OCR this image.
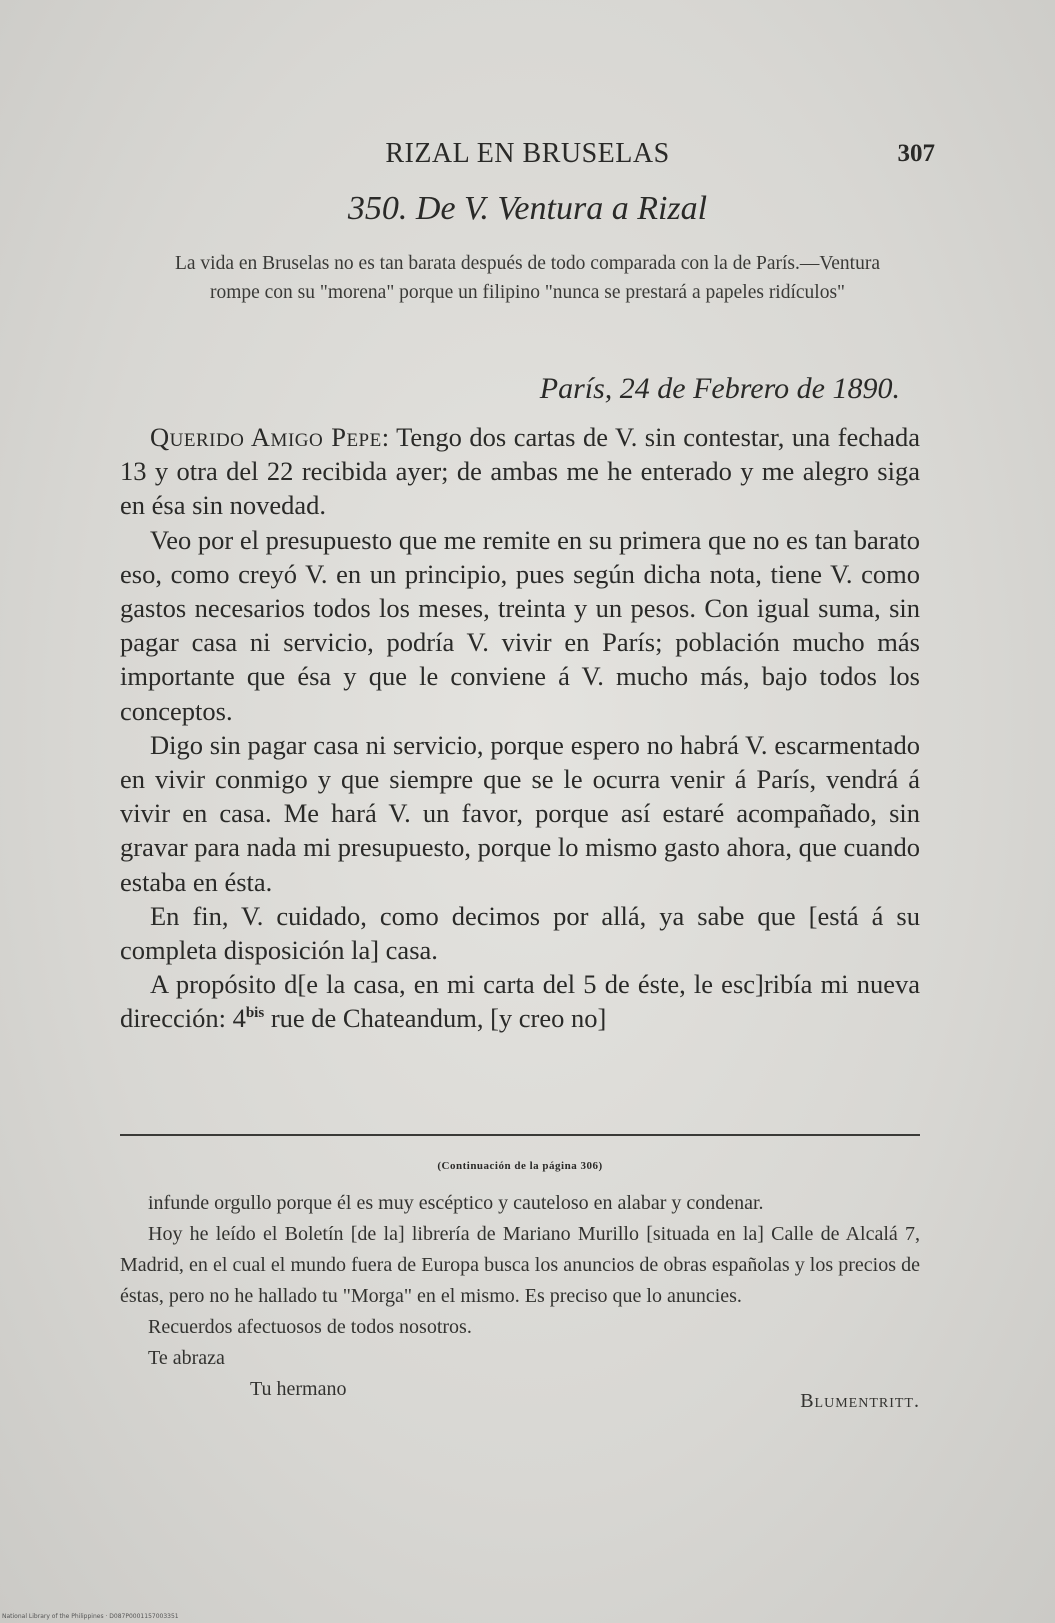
RIZAL EN BRUSELAS	307
350. De V. Ventura a Rizal
La vida en Bruselas no es tan barata después de todo comparada con la de París.—Ventura rompe con su "morena" porque un filipino "nunca se prestará a papeles ridículos"
París, 24 de Febrero de 1890.

Querido Amigo Pepe: Tengo dos cartas de V. sin contestar, una fechada 13 y otra del 22 recibida ayer; de ambas me he enterado y me alegro siga en ésa sin novedad.

Veo por el presupuesto que me remite en su primera que no es tan barato eso, como creyó V. en un principio, pues según dicha nota, tiene V. como gastos necesarios todos los meses, treinta y un pesos. Con igual suma, sin pagar casa ni servicio, podría V. vivir en París; población mucho más importante que ésa y que le conviene á V. mucho más, bajo todos los conceptos.

Digo sin pagar casa ni servicio, porque espero no habrá V. escarmentado en vivir conmigo y que siempre que se le ocurra venir á París, vendrá á vivir en casa. Me hará V. un favor, porque así estaré acompañado, sin gravar para nada mi presupuesto, porque lo mismo gasto ahora, que cuando estaba en ésta.

En fin, V. cuidado, como decimos por allá, ya sabe que [está á su completa disposición la] casa.

A propósito d[e la casa, en mi carta del 5 de éste, le esc]ribía mi nueva dirección: $4^{bis}$ rue de Chateandum, [y creo no]

(Continuación de la página 306)

infunde orgullo porque él es muy escéptico y cauteloso en alabar y condenar.

Hoy he leído el Boletín [de la] librería de Mariano Murillo [situada en la] Calle de Alcalá 7, Madrid, en el cual el mundo fuera de Europa busca los anuncios de obras españolas y los precios de éstas, pero no he hallado tu "Morga" en el mismo. Es preciso que lo anuncies.

Recuerdos afectuosos de todos nosotros.

Te abraza

Tu hermano
Blumentritt.
National Library of the Philippines · D087P0001157003351
